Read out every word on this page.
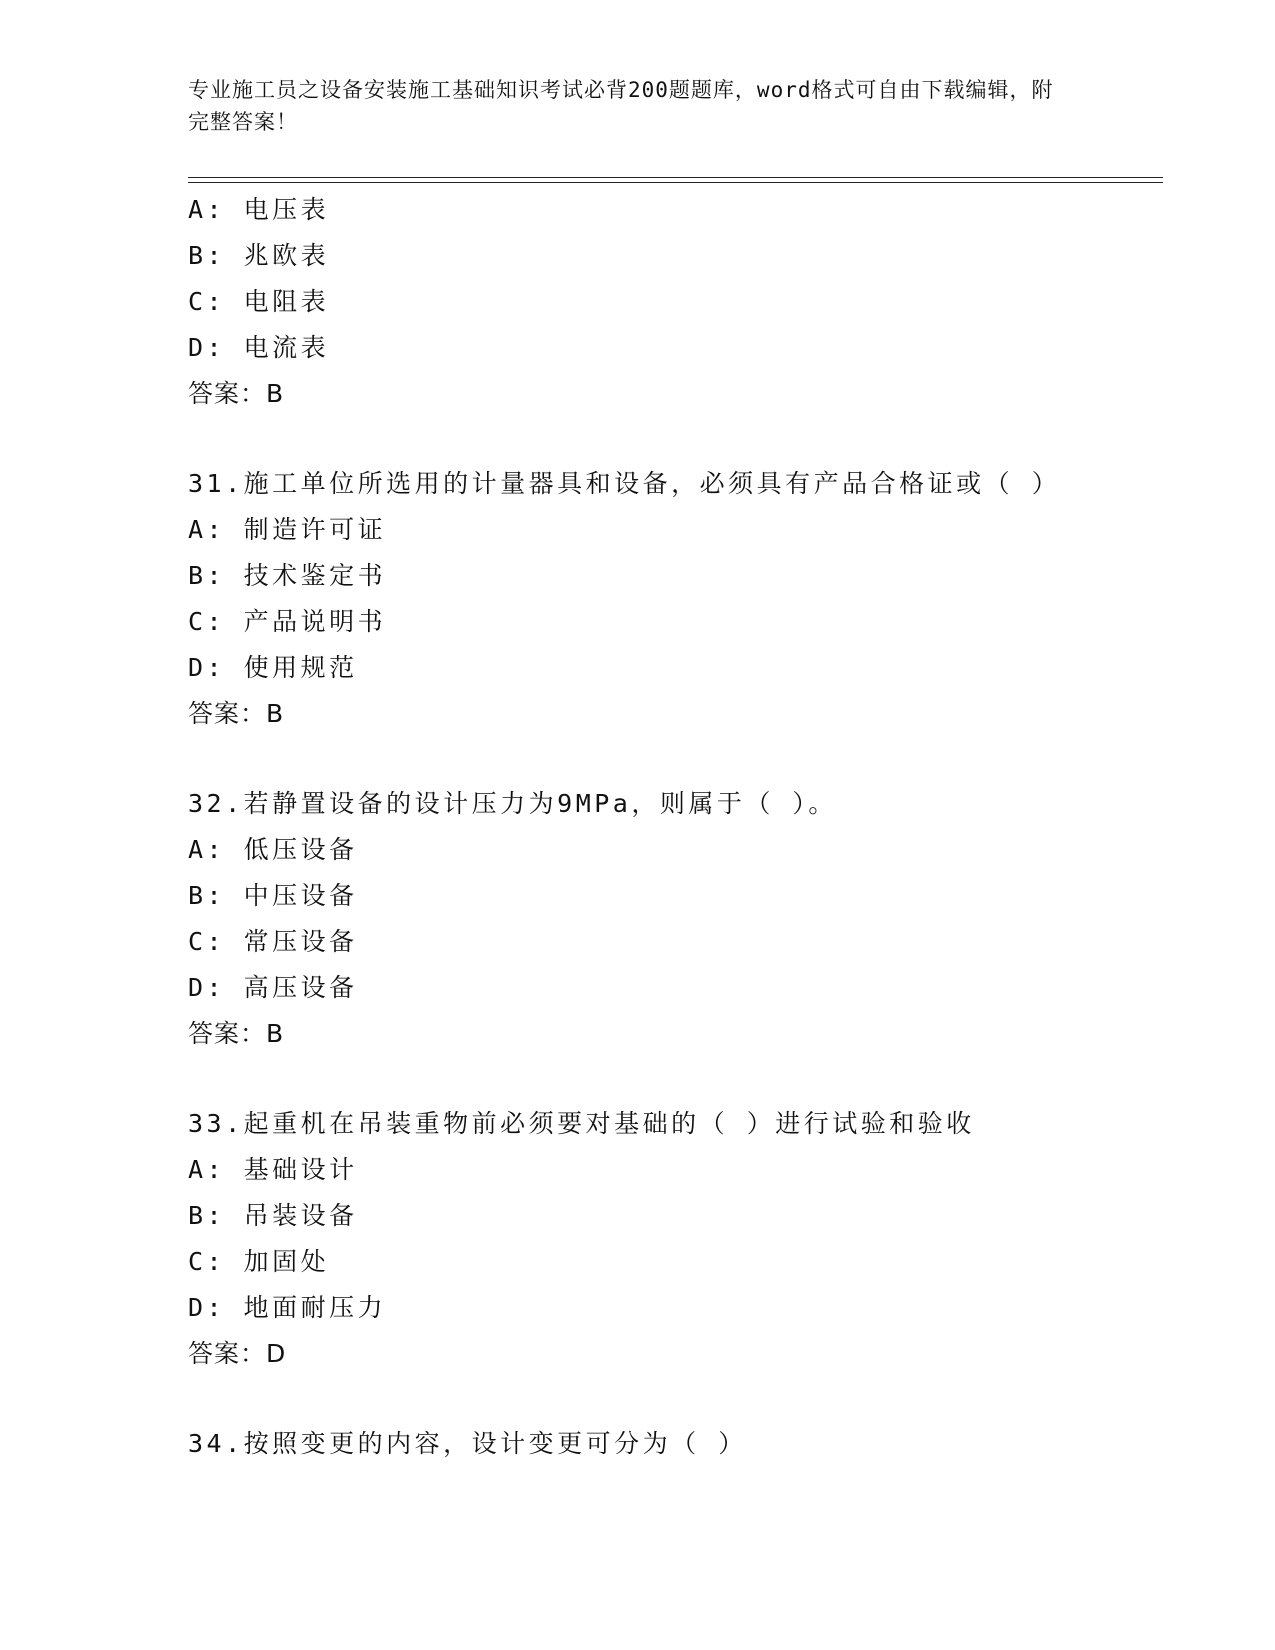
专业施工员之设备安装施工基础知识考试必背200题题库，word格式可自由下载编辑，附完整答案！
A: 电压表
B: 兆欧表
C: 电阻表
D: 电流表
答案：B
31.施工单位所选用的计量器具和设备，必须具有产品合格证或（ ）
A: 制造许可证
B: 技术鉴定书
C: 产品说明书
D: 使用规范
答案：B
32.若静置设备的设计压力为9MPa，则属于（ ）。
A: 低压设备
B: 中压设备
C: 常压设备
D: 高压设备
答案：B
33.起重机在吊装重物前必须要对基础的（ ）进行试验和验收
A: 基础设计
B: 吊装设备
C: 加固处
D: 地面耐压力
答案：D
34.按照变更的内容，设计变更可分为（ ）
